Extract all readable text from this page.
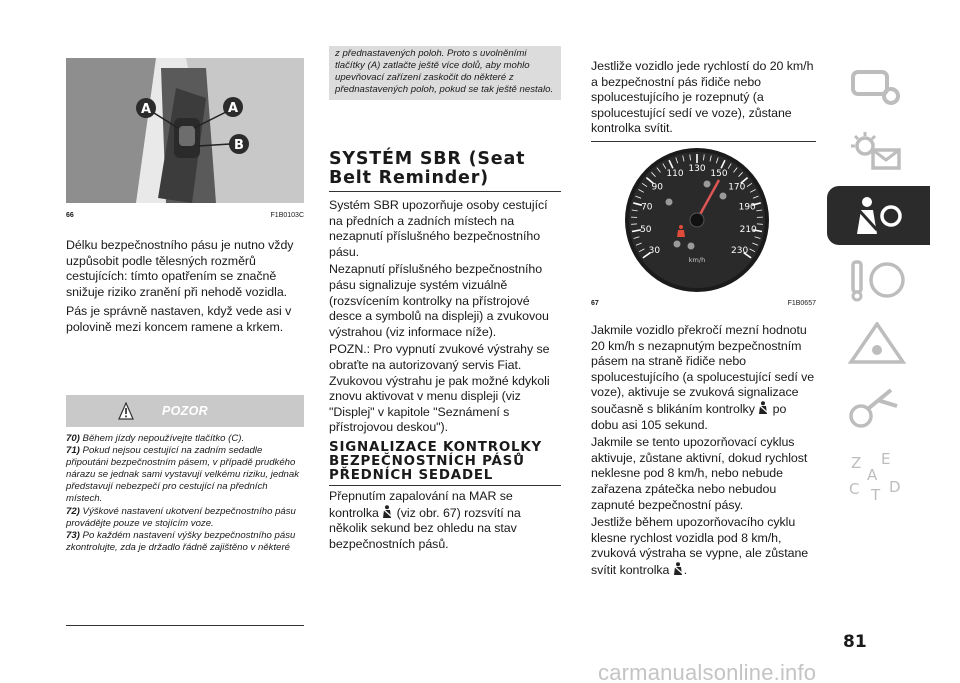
A	A
B
66	F1B0103C

Délku bezpečnostního pásu je nutno vždy uzpůsobit podle tělesných rozměrů cestujících: tímto opatřením se značně snižuje riziko zranění při nehodě vozidla.

Pás je správně nastaven, když vede asi v polovině mezi koncem ramene a krkem.

POZOR
70) Během jízdy nepoužívejte tlačítko (C).
71) Pokud nejsou cestující na zadním sedadle připoutáni bezpečnostním pásem, v případě prudkého nárazu se jednak sami vystavují velkému riziku, jednak představují nebezpečí pro cestující na předních místech.
72) Výškové nastavení ukotvení bezpečnostního pásu provádějte pouze ve stojícím voze.
73) Po každém nastavení výšky bezpečnostního pásu zkontrolujte, zda je držadlo řádně zajištěno v některé
z přednastavených poloh. Proto s uvolněními tlačítky (A) zatlačte ještě více dolů, aby mohlo upevňovací zařízení zaskočit do některé z přednastavených poloh, pokud se tak ještě nestalo.
SYSTÉM SBR (Seat Belt Reminder)

Systém SBR upozorňuje osoby cestující na předních a zadních místech na nezapnutí příslušného bezpečnostního pásu.

Nezapnutí příslušného bezpečnostního pásu signalizuje systém vizuálně (rozsvícením kontrolky na přístrojové desce a symbolů na displeji) a zvukovou výstrahou (viz informace níže).

POZN.: Pro vypnutí zvukové výstrahy se obraťte na autorizovaný servis Fiat. Zvukovou výstrahu je pak možné kdykoli znovu aktivovat v menu displeji (viz "Displej" v kapitole "Seznámení s přístrojovou deskou").

SIGNALIZACE KONTROLKY BEZPEČNOSTNÍCH PÁSŮ PŘEDNÍCH SEDADEL

Přepnutím zapalování na MAR se kontrolka (viz obr. 67) rozsvítí na několik sekund bez ohledu na stav bezpečnostních pásů.

Jestliže vozidlo jede rychlostí do 20 km/h a bezpečnostní pás řidiče nebo spolucestujícího je rozepnutý (a spolucestující sedí ve voze), zůstane kontrolka svítit.

30
50
70
90
110 130 150
170
190
210
230
km/h
67	F1B0657

Jakmile vozidlo překročí mezní hodnotu 20 km/h s nezapnutým bezpečnostním pásem na straně řidiče nebo spolucestujícího (a spolucestující sedí ve voze), aktivuje se zvuková signalizace současně s blikáním kontrolky po dobu asi 105 sekund.

Jakmile se tento upozorňovací cyklus aktivuje, zůstane aktivní, dokud rychlost neklesne pod 8 km/h, nebo nebude zařazena zpátečka nebo nebudou zapnuté bezpečnostní pásy.

Jestliže během upozorňovacího cyklu klesne rychlost vozidla pod 8 km/h, zvuková výstraha se vypne, ale zůstane svítit kontrolka .

Z E
A
C T D
81
carmanualsonline.info
